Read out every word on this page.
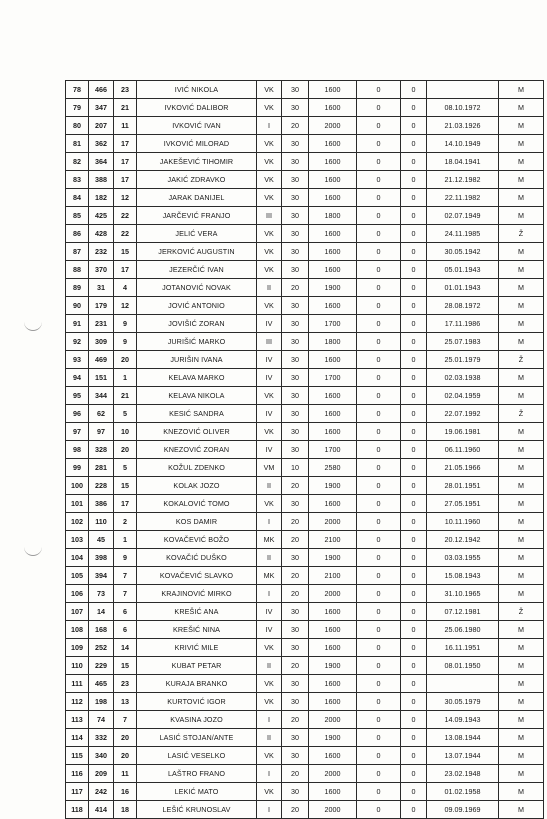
78	466	23	IVIĆ NIKOLA	VK	30	1600	0	0		M
79	347	21	IVKOVIĆ DALIBOR	VK	30	1600	0	0	08.10.1972	M
80	207	11	IVKOVIĆ IVAN	I	20	2000	0	0	21.03.1926	M
81	362	17	IVKOVIĆ MILORAD	VK	30	1600	0	0	14.10.1949	M
82	364	17	JAKEŠEVIĆ TIHOMIR	VK	30	1600	0	0	18.04.1941	M
83	388	17	JAKIĆ ZDRAVKO	VK	30	1600	0	0	21.12.1982	M
84	182	12	JARAK DANIJEL	VK	30	1600	0	0	22.11.1982	M
85	425	22	JARČEVIĆ FRANJO	III	30	1800	0	0	02.07.1949	M
86	428	22	JELIĆ VERA	VK	30	1600	0	0	24.11.1985	Ž
87	232	15	JERKOVIĆ AUGUSTIN	VK	30	1600	0	0	30.05.1942	M
88	370	17	JEZERČIĆ IVAN	VK	30	1600	0	0	05.01.1943	M
89	31	4	JOTANOVIĆ NOVAK	II	20	1900	0	0	01.01.1943	M
90	179	12	JOVIĆ ANTONIO	VK	30	1600	0	0	28.08.1972	M
91	231	9	JOVIŠIĆ ZORAN	IV	30	1700	0	0	17.11.1986	M
92	309	9	JURIŠIĆ MARKO	III	30	1800	0	0	25.07.1983	M
93	469	20	JURIŠIN IVANA	IV	30	1600	0	0	25.01.1979	Ž
94	151	1	KELAVA MARKO	IV	30	1700	0	0	02.03.1938	M
95	344	21	KELAVA NIKOLA	VK	30	1600	0	0	02.04.1959	M
96	62	5	KESIĆ SANDRA	IV	30	1600	0	0	22.07.1992	Ž
97	97	10	KNEZOVIĆ OLIVER	VK	30	1600	0	0	19.06.1981	M
98	328	20	KNEZOVIĆ ZORAN	IV	30	1700	0	0	06.11.1960	M
99	281	5	KOŽUL ZDENKO	VM	10	2580	0	0	21.05.1966	M
100	228	15	KOLAK JOZO	II	20	1900	0	0	28.01.1951	M
101	386	17	KOKALOVIĆ TOMO	VK	30	1600	0	0	27.05.1951	M
102	110	2	KOS DAMIR	I	20	2000	0	0	10.11.1960	M
103	45	1	KOVAČEVIĆ BOŽO	MK	20	2100	0	0	20.12.1942	M
104	398	9	KOVAČIĆ DUŠKO	II	30	1900	0	0	03.03.1955	M
105	394	7	KOVAČEVIĆ SLAVKO	MK	20	2100	0	0	15.08.1943	M
106	73	7	KRAJINOVIĆ MIRKO	I	20	2000	0	0	31.10.1965	M
107	14	6	KREŠIĆ ANA	IV	30	1600	0	0	07.12.1981	Ž
108	168	6	KREŠIĆ NINA	IV	30	1600	0	0	25.06.1980	M
109	252	14	KRIVIĆ MILE	VK	30	1600	0	0	16.11.1951	M
110	229	15	KUBAT PETAR	II	20	1900	0	0	08.01.1950	M
111	465	23	KURAJA BRANKO	VK	30	1600	0	0		M
112	198	13	KURTOVIĆ IGOR	VK	30	1600	0	0	30.05.1979	M
113	74	7	KVASINA JOZO	I	20	2000	0	0	14.09.1943	M
114	332	20	LASIĆ STOJAN/ANTE	II	30	1900	0	0	13.08.1944	M
115	340	20	LASIĆ VESELKO	VK	30	1600	0	0	13.07.1944	M
116	209	11	LAŠTRO FRANO	I	20	2000	0	0	23.02.1948	M
117	242	16	LEKIĆ MATO	VK	30	1600	0	0	01.02.1958	M
118	414	18	LEŠIĆ KRUNOSLAV	I	20	2000	0	0	09.09.1969	M
